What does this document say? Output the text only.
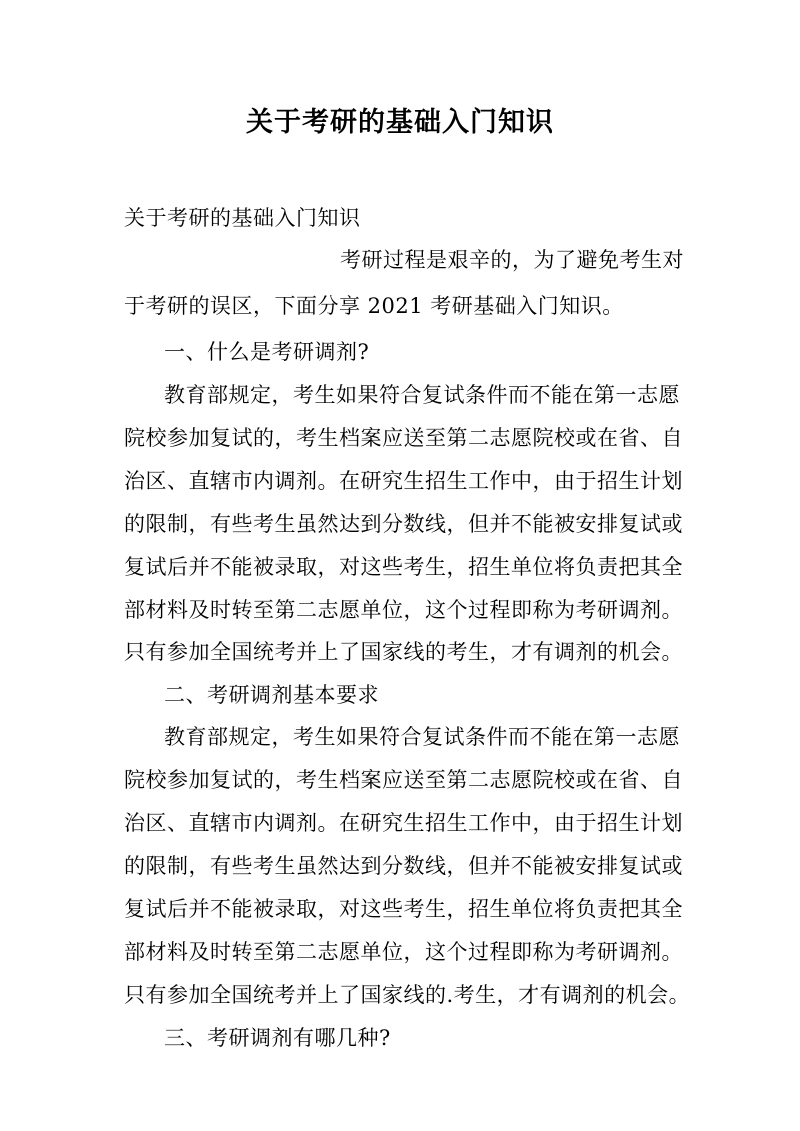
关于考研的基础入门知识
关于考研的基础入门知识
考研过程是艰辛的，为了避免考生对
于考研的误区，下面分享 2021 考研基础入门知识。
一、什么是考研调剂?
教育部规定，考生如果符合复试条件而不能在第一志愿
院校参加复试的，考生档案应送至第二志愿院校或在省、自
治区、直辖市内调剂。在研究生招生工作中，由于招生计划
的限制，有些考生虽然达到分数线，但并不能被安排复试或
复试后并不能被录取，对这些考生，招生单位将负责把其全
部材料及时转至第二志愿单位，这个过程即称为考研调剂。
只有参加全国统考并上了国家线的考生，才有调剂的机会。
二、考研调剂基本要求
教育部规定，考生如果符合复试条件而不能在第一志愿
院校参加复试的，考生档案应送至第二志愿院校或在省、自
治区、直辖市内调剂。在研究生招生工作中，由于招生计划
的限制，有些考生虽然达到分数线，但并不能被安排复试或
复试后并不能被录取，对这些考生，招生单位将负责把其全
部材料及时转至第二志愿单位，这个过程即称为考研调剂。
只有参加全国统考并上了国家线的.考生，才有调剂的机会。
三、考研调剂有哪几种?
